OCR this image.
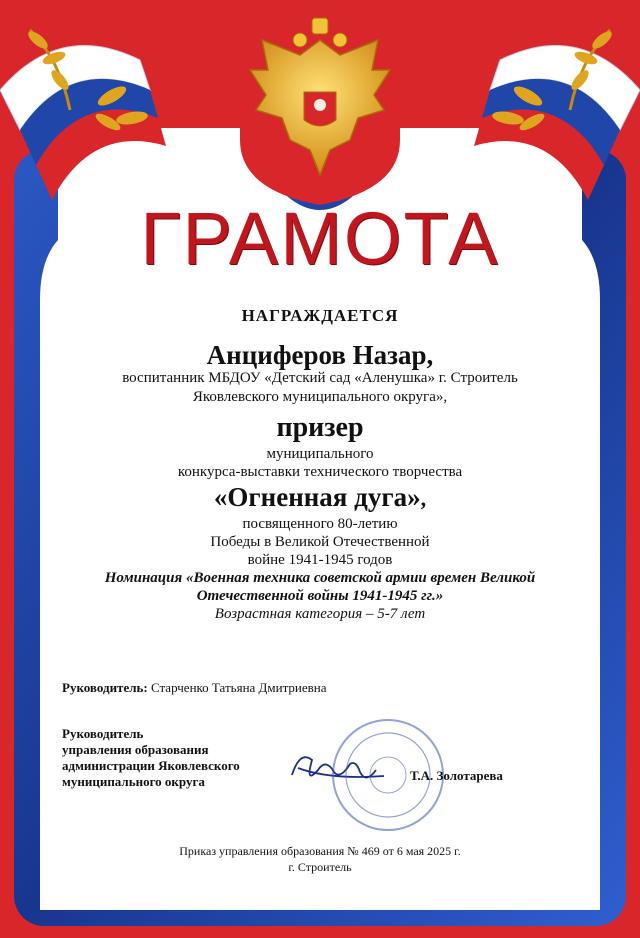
ГРАМОТА
НАГРАЖДАЕТСЯ
Анциферов Назар,
воспитанник МБДОУ «Детский сад «Аленушка» г. Строитель
Яковлевского муниципального округа»,
призер
муниципального
конкурса-выставки технического творчества
«Огненная дуга»,
посвященного 80-летию
Победы в Великой Отечественной
войне 1941-1945 годов
Номинация «Военная техника советской армии времен Великой
Отечественной войны 1941-1945 гг.»
Возрастная категория – 5-7 лет
Руководитель: Старченко Татьяна Дмитриевна
Руководитель
управления образования
администрации Яковлевского
муниципального округа	Т.А. Золотарева
Приказ управления образования № 469 от 6 мая 2025 г.
г. Строитель
